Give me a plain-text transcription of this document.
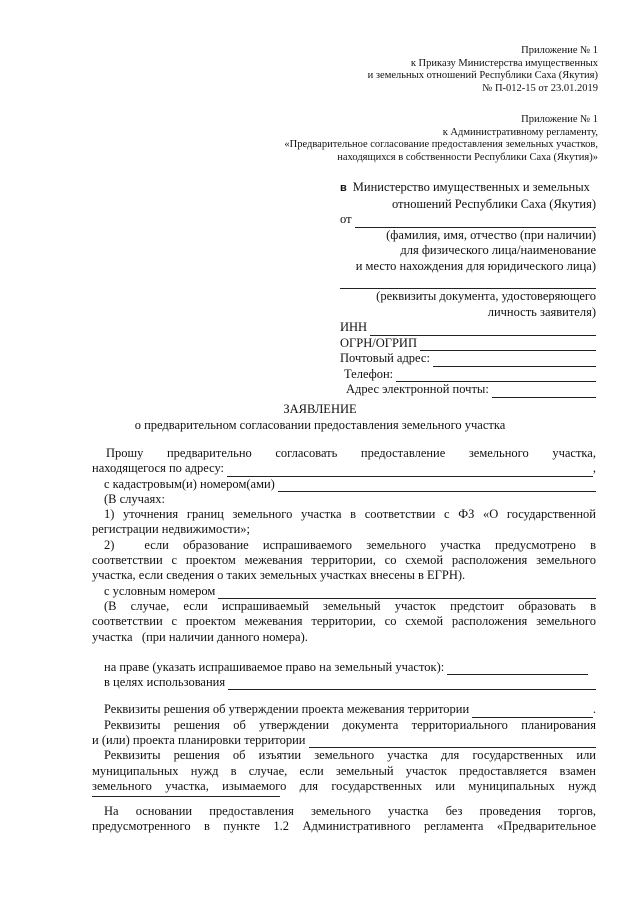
Приложение № 1
к Приказу Министерства имущественных
и земельных отношений Республики Саха (Якутия)
№ П-012-15 от 23.01.2019
Приложение № 1
к Административному регламенту,
«Предварительное согласование предоставления земельных участков,
находящихся в собственности Республики Саха (Якутия)»
в Министерство имущественных и земельных
отношений Республики Саха (Якутия)
от
(фамилия, имя, отчество (при наличии)
для физического лица/наименование
и место нахождения для юридического лица)
(реквизиты документа, удостоверяющего
личность заявителя)
ИНН
ОГРН/ОГРИП
Почтовый адрес:
Телефон:
Адрес электронной почты:
ЗАЯВЛЕНИЕ
о предварительном согласовании предоставления земельного участка
Прошу предварительно согласовать предоставление земельного участка,
находящегося по адресу:	,
с кадастровым(и) номером(ами)
(В случаях:
1) уточнения границ земельного участка в соответствии с ФЗ «О государственной
регистрации недвижимости»;
2) если образование испрашиваемого земельного участка предусмотрено в
соответствии с проектом межевания территории, со схемой расположения земельного
участка, если сведения о таких земельных участках внесены в ЕГРН).
с условным номером
(В случае, если испрашиваемый земельный участок предстоит образовать в
соответствии с проектом межевания территории, со схемой расположения земельного
участка   (при наличии данного номера).
на праве (указать испрашиваемое право на земельный участок):
в целях использования
Реквизиты решения об утверждении проекта межевания территории	.
Реквизиты решения об утверждении документа территориального планирования
и (или) проекта планировки территории
Реквизиты решения об изъятии земельного участка для государственных или
муниципальных нужд в случае, если земельный участок предоставляется взамен
земельного участка, изымаемого для государственных или муниципальных нужд
На основании предоставления земельного участка без проведения торгов,
предусмотренного в пункте 1.2 Административного регламента «Предварительное
